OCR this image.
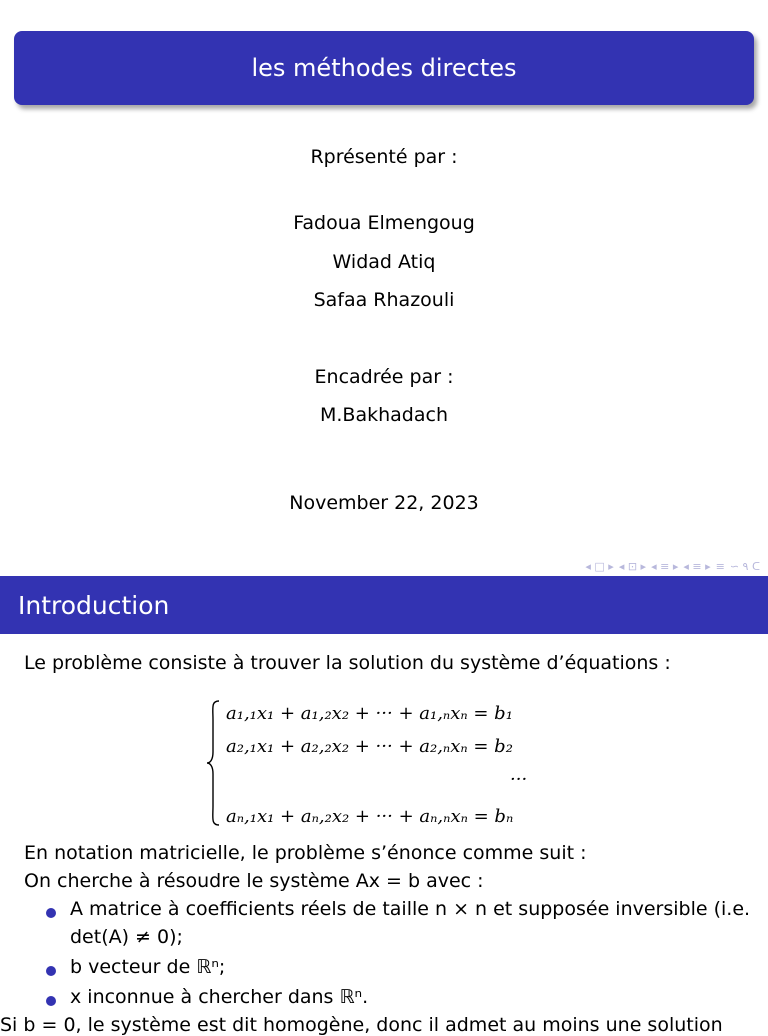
les méthodes directes
Rprésenté par :
Fadoua Elmengoug
Widad Atiq
Safaa Rhazouli
Encadrée par :
M.Bakhadach
November 22, 2023
◂ □ ▸ ◂ ⊡ ▸ ◂ ≡ ▸ ◂ ≡ ▸ ≡ ∽ ۹ ᑕ
Introduction
Le problème consiste à trouver la solution du système d’équations :
a₁,₁x₁ + a₁,₂x₂ + ··· + a₁,ₙxₙ = b₁
a₂,₁x₁ + a₂,₂x₂ + ··· + a₂,ₙxₙ = b₂
···
aₙ,₁x₁ + aₙ,₂x₂ + ··· + aₙ,ₙxₙ = bₙ
En notation matricielle, le problème s’énonce comme suit :
On cherche à résoudre le système Ax = b avec :
A matrice à coefficients réels de taille n × n et supposée inversible (i.e.
det(A) ≠ 0);
b vecteur de ℝⁿ;
x inconnue à chercher dans ℝⁿ.
Si b = 0, le système est dit homogène, donc il admet au moins une solution
